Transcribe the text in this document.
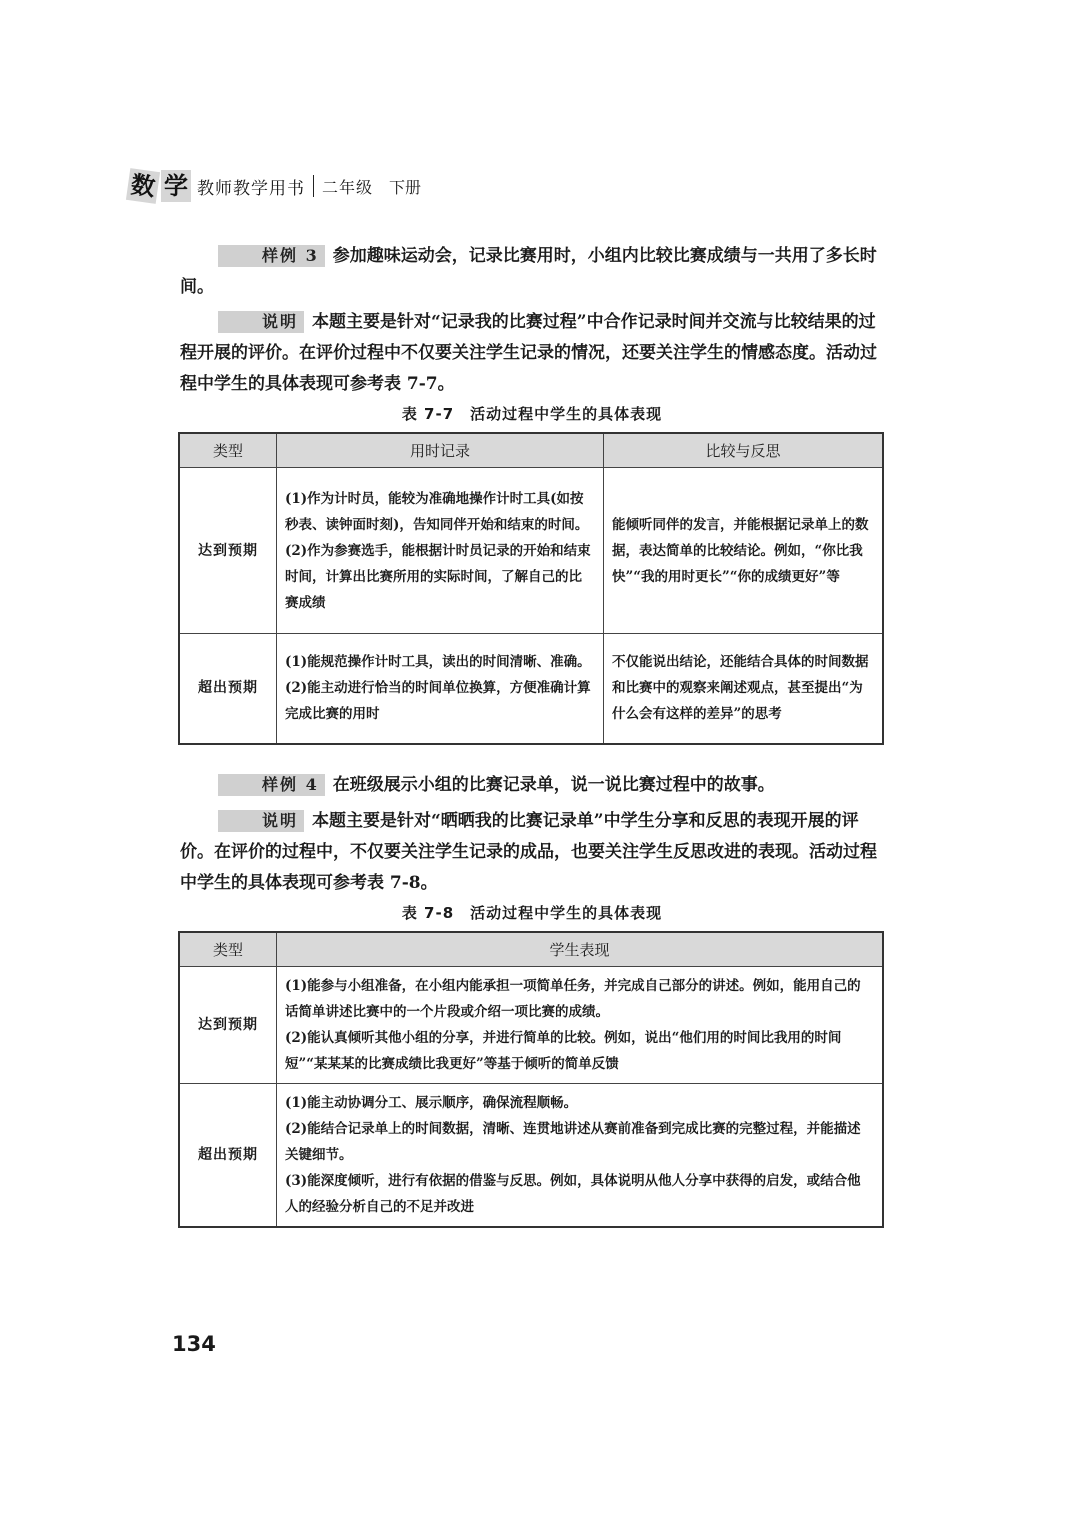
数 学 教师教学用书 二年级 下册
样例 3 参加趣味运动会，记录比赛用时，小组内比较比赛成绩与一共用了多长时间。
说明 本题主要是针对“记录我的比赛过程”中合作记录时间并交流与比较结果的过程开展的评价。在评价过程中不仅要关注学生记录的情况，还要关注学生的情感态度。活动过程中学生的具体表现可参考表 7-7。
表 7-7　活动过程中学生的具体表现
类型	用时记录	比较与反思
达到预期	(1)作为计时员，能较为准确地操作计时工具(如按秒表、读钟面时刻)，告知同伴开始和结束的时间。
(2)作为参赛选手，能根据计时员记录的开始和结束时间，计算出比赛所用的实际时间，了解自己的比赛成绩	能倾听同伴的发言，并能根据记录单上的数据，表达简单的比较结论。例如，“你比我快”“我的用时更长”“你的成绩更好”等
超出预期	(1)能规范操作计时工具，读出的时间清晰、准确。
(2)能主动进行恰当的时间单位换算，方便准确计算完成比赛的用时	不仅能说出结论，还能结合具体的时间数据和比赛中的观察来阐述观点，甚至提出“为什么会有这样的差异”的思考
样例 4 在班级展示小组的比赛记录单，说一说比赛过程中的故事。
说明 本题主要是针对“晒晒我的比赛记录单”中学生分享和反思的表现开展的评价。在评价的过程中，不仅要关注学生记录的成品，也要关注学生反思改进的表现。活动过程中学生的具体表现可参考表 7-8。
表 7-8　活动过程中学生的具体表现
类型	学生表现
达到预期	(1)能参与小组准备，在小组内能承担一项简单任务，并完成自己部分的讲述。例如，能用自己的话简单讲述比赛中的一个片段或介绍一项比赛的成绩。
(2)能认真倾听其他小组的分享，并进行简单的比较。例如，说出“他们用的时间比我用的时间短”“某某某的比赛成绩比我更好”等基于倾听的简单反馈

超出预期	(1)能主动协调分工、展示顺序，确保流程顺畅。
(2)能结合记录单上的时间数据，清晰、连贯地讲述从赛前准备到完成比赛的完整过程，并能描述关键细节。
(3)能深度倾听，进行有依据的借鉴与反思。例如，具体说明从他人分享中获得的启发，或结合他人的经验分析自己的不足并改进
134
